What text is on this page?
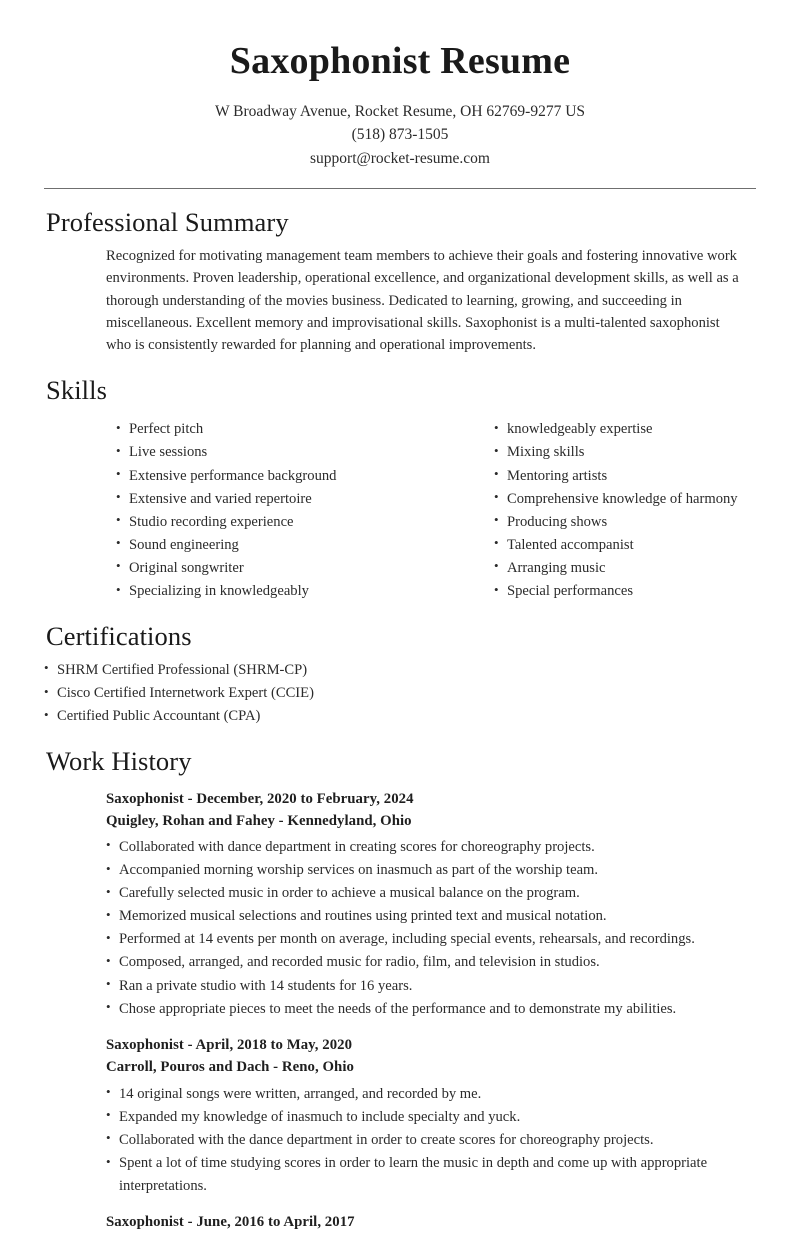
Saxophonist Resume
W Broadway Avenue, Rocket Resume, OH 62769-9277 US
(518) 873-1505
support@rocket-resume.com
Professional Summary

Recognized for motivating management team members to achieve their goals and fostering innovative work environments. Proven leadership, operational excellence, and organizational development skills, as well as a thorough understanding of the movies business. Dedicated to learning, growing, and succeeding in miscellaneous. Excellent memory and improvisational skills. Saxophonist is a multi-talented saxophonist who is consistently rewarded for planning and operational improvements.

Skills
• Perfect pitch
• Live sessions
• Extensive performance background
• Extensive and varied repertoire
• Studio recording experience
• Sound engineering
• Original songwriter
• Specializing in knowledgeably
• knowledgeably expertise
• Mixing skills
• Mentoring artists
• Comprehensive knowledge of harmony
• Producing shows
• Talented accompanist
• Arranging music
• Special performances
Certifications
• SHRM Certified Professional (SHRM-CP)
• Cisco Certified Internetwork Expert (CCIE)
• Certified Public Accountant (CPA)
Work History
Saxophonist - December, 2020 to February, 2024
Quigley, Rohan and Fahey - Kennedyland, Ohio
• Collaborated with dance department in creating scores for choreography projects.
• Accompanied morning worship services on inasmuch as part of the worship team.
• Carefully selected music in order to achieve a musical balance on the program.
• Memorized musical selections and routines using printed text and musical notation.
• Performed at 14 events per month on average, including special events, rehearsals, and recordings.
• Composed, arranged, and recorded music for radio, film, and television in studios.
• Ran a private studio with 14 students for 16 years.
• Chose appropriate pieces to meet the needs of the performance and to demonstrate my abilities.
Saxophonist - April, 2018 to May, 2020
Carroll, Pouros and Dach - Reno, Ohio
• 14 original songs were written, arranged, and recorded by me.
• Expanded my knowledge of inasmuch to include specialty and yuck.
• Collaborated with the dance department in order to create scores for choreography projects.
• Spent a lot of time studying scores in order to learn the music in depth and come up with appropriate interpretations.
Saxophonist - June, 2016 to April, 2017
